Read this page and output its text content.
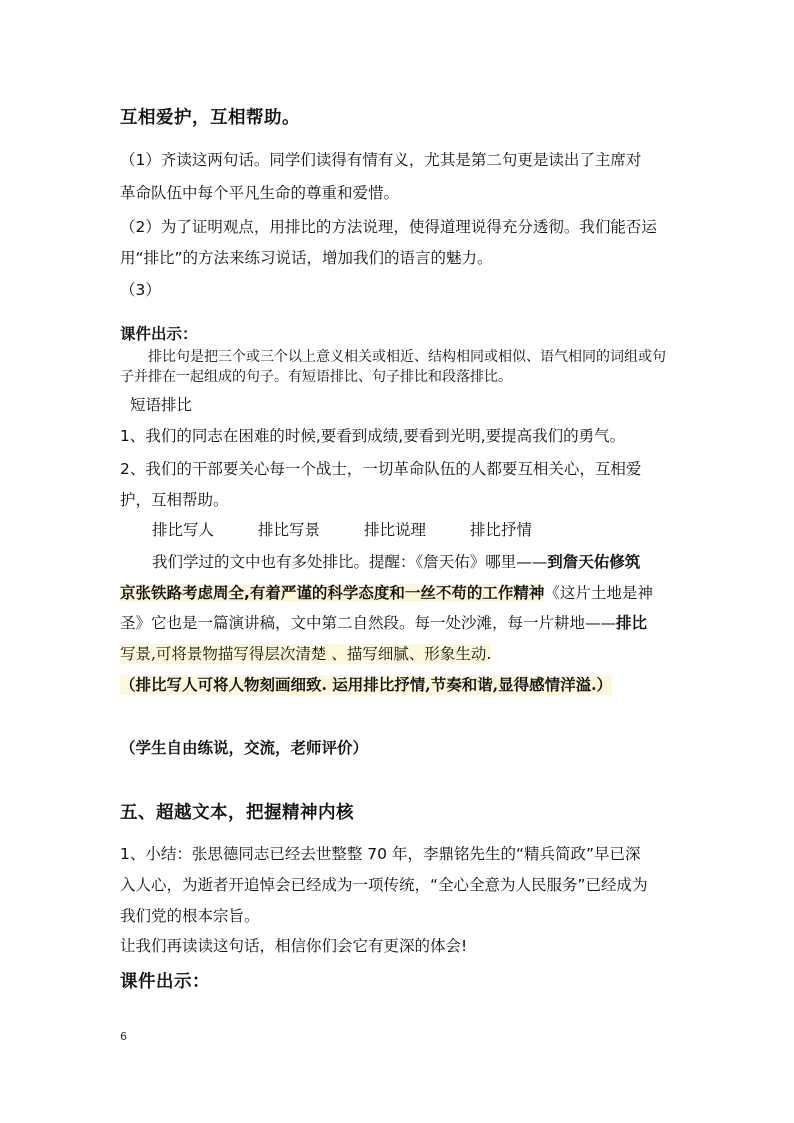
互相爱护，互相帮助。
（1）齐读这两句话。同学们读得有情有义，尤其是第二句更是读出了主席对
革命队伍中每个平凡生命的尊重和爱惜。
（2）为了证明观点，用排比的方法说理，使得道理说得充分透彻。我们能否运
用“排比”的方法来练习说话，增加我们的语言的魅力。
（3）
课件出示：
排比句是把三个或三个以上意义相关或相近、结构相同或相似、语气相同的词组或句
子并排在一起组成的句子。有短语排比、句子排比和段落排比。
短语排比
1、我们的同志在困难的时候,要看到成绩,要看到光明,要提高我们的勇气。
2、我们的干部要关心每一个战士，一切革命队伍的人都要互相关心，互相爱
护，互相帮助。
排比写人	排比写景	排比说理	排比抒情
我们学过的文中也有多处排比。提醒：《詹天佑》哪里——到詹天佑修筑
京张铁路考虑周全,有着严谨的科学态度和一丝不苟的工作精神《这片土地是神
圣》它也是一篇演讲稿，文中第二自然段。每一处沙滩，每一片耕地——排比
写景,可将景物描写得层次清楚 、描写细腻、形象生动.
（排比写人可将人物刻画细致. 运用排比抒情,节奏和谐,显得感情洋溢.）
（学生自由练说，交流，老师评价）
五、超越文本，把握精神内核
1、小结：张思德同志已经去世整整 70 年，李鼎铭先生的“精兵简政”早已深
入人心，为逝者开追悼会已经成为一项传统，“全心全意为人民服务”已经成为
我们党的根本宗旨。
让我们再读读这句话，相信你们会它有更深的体会!
课件出示：
6
